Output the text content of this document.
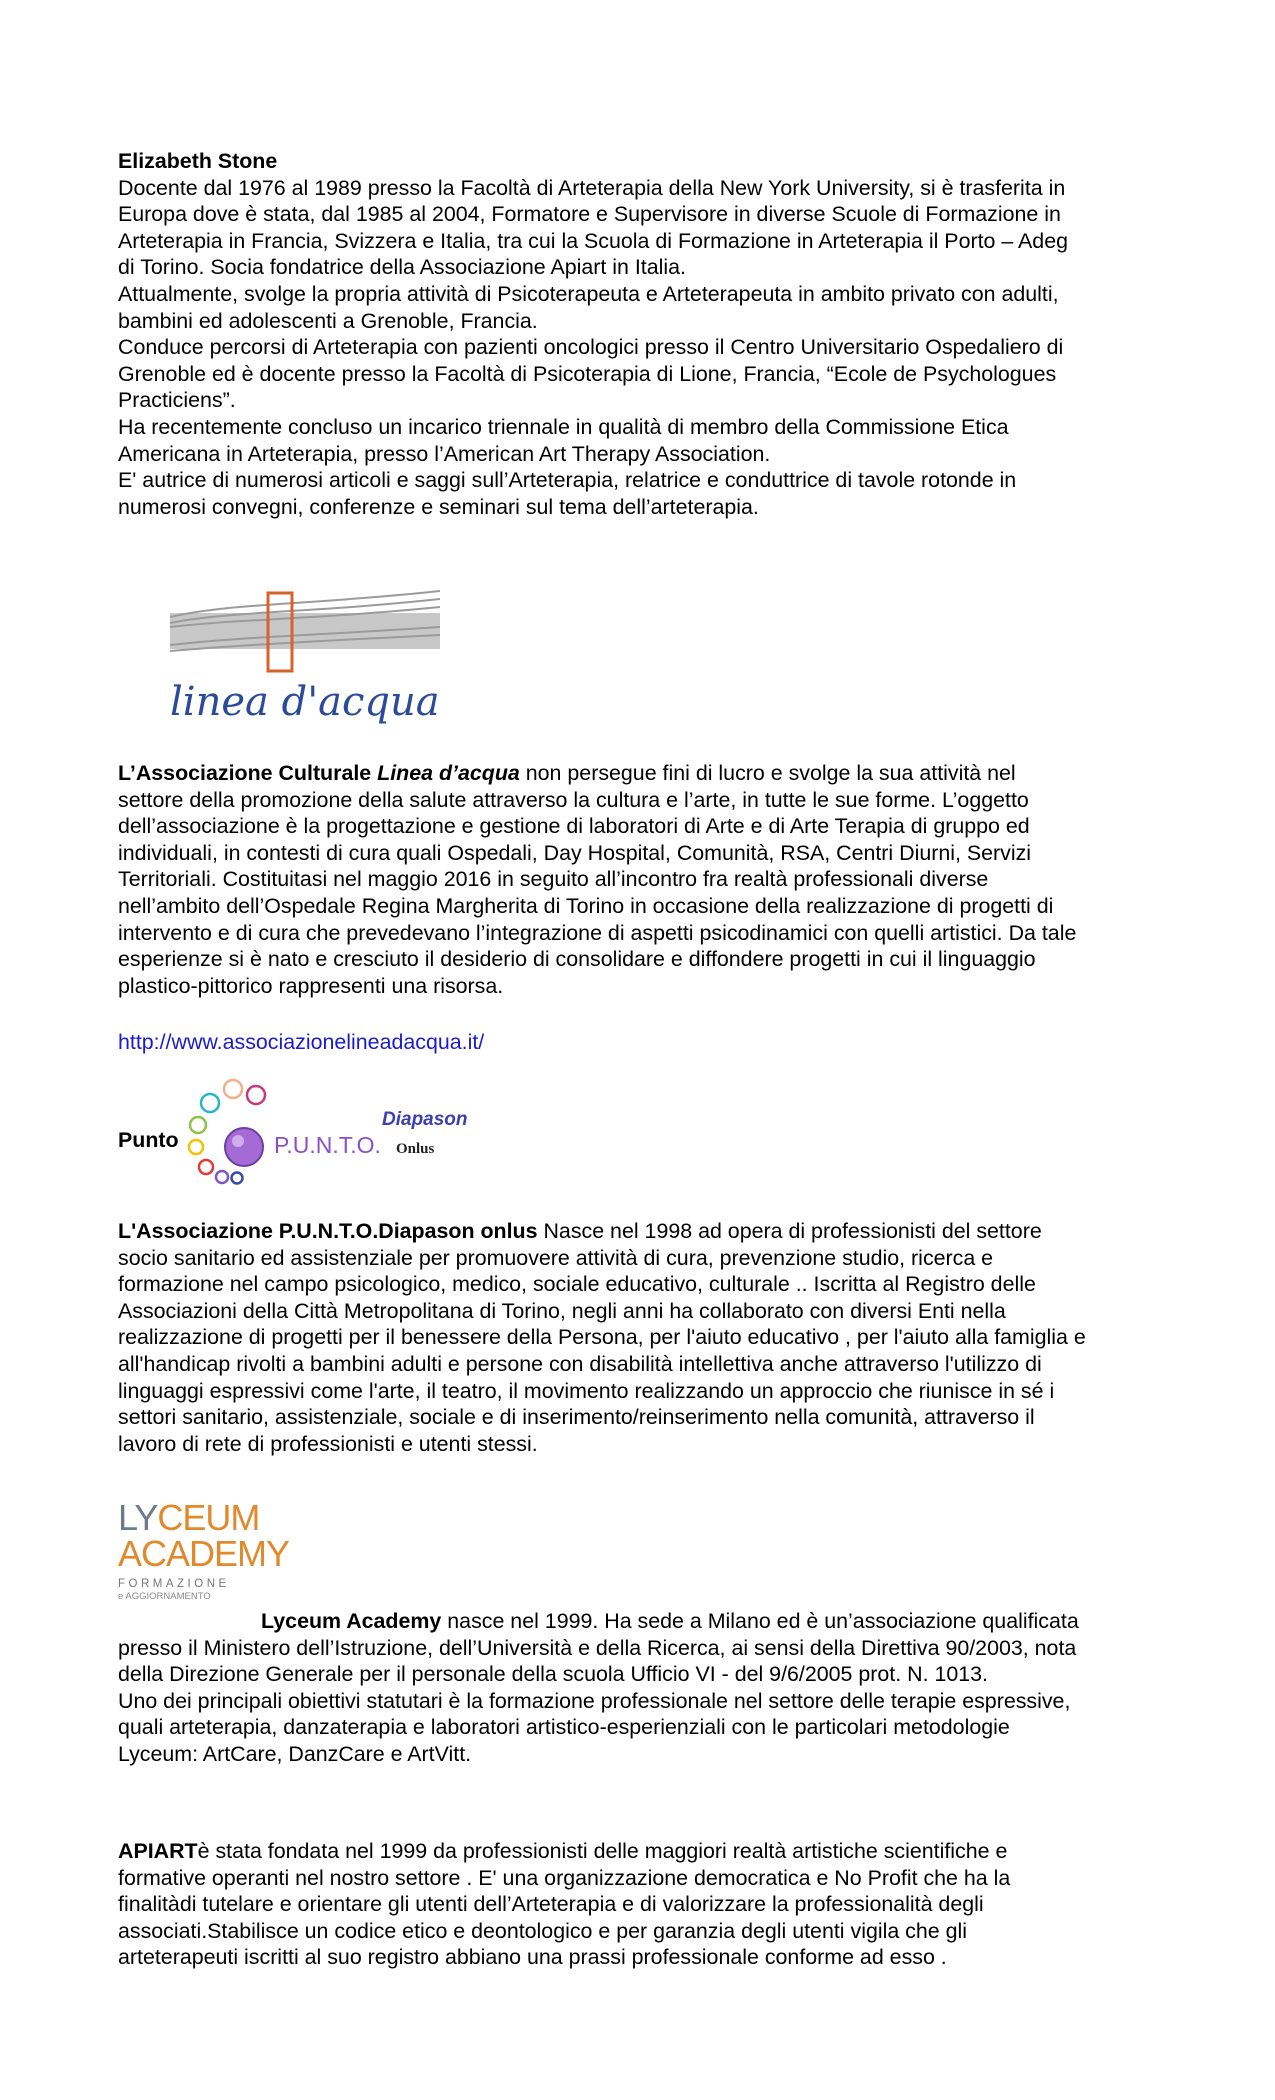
Elizabeth Stone

Docente dal 1976 al 1989 presso la Facoltà di Arteterapia della New York University, si è trasferita in

Europa dove è stata, dal 1985 al 2004, Formatore e Supervisore in diverse Scuole di Formazione in

Arteterapia in Francia, Svizzera e Italia, tra cui la Scuola di Formazione in Arteterapia il Porto – Adeg

di Torino. Socia fondatrice della Associazione Apiart in Italia.

Attualmente, svolge la propria attività di Psicoterapeuta e Arteterapeuta in ambito privato con adulti,

bambini ed adolescenti a Grenoble, Francia.

Conduce percorsi di Arteterapia con pazienti oncologici presso il Centro Universitario Ospedaliero di

Grenoble ed è docente presso la Facoltà di Psicoterapia di Lione, Francia, “Ecole de Psychologues

Practiciens”.

Ha recentemente concluso un incarico triennale in qualità di membro della Commissione Etica

Americana in Arteterapia, presso l’American Art Therapy Association.

E' autrice di numerosi articoli e saggi sull’Arteterapia, relatrice e conduttrice di tavole rotonde in

numerosi convegni, conferenze e seminari sul tema dell’arteterapia.

linea d'acqua

L’Associazione Culturale Linea d’acqua non persegue fini di lucro e svolge la sua attività nel

settore della promozione della salute attraverso la cultura e l’arte, in tutte le sue forme. L’oggetto

dell’associazione è la progettazione e gestione di laboratori di Arte e di Arte Terapia di gruppo ed

individuali, in contesti di cura quali Ospedali, Day Hospital, Comunità, RSA, Centri Diurni, Servizi

Territoriali. Costituitasi nel maggio 2016 in seguito all’incontro fra realtà professionali diverse

nell’ambito dell’Ospedale Regina Margherita di Torino in occasione della realizzazione di progetti di

intervento e di cura che prevedevano l’integrazione di aspetti psicodinamici con quelli artistici. Da tale

esperienze si è nato e cresciuto il desiderio di consolidare e diffondere progetti in cui il linguaggio

plastico-pittorico rappresenti una risorsa.

http://www.associazionelineadacqua.it/
Punto	P.U.N.T.O.
Diapason
Onlus

L'Associazione P.U.N.T.O.Diapason onlus Nasce nel 1998 ad opera di professionisti del settore

socio sanitario ed assistenziale per promuovere attività di cura, prevenzione studio, ricerca e

formazione nel campo psicologico, medico, sociale educativo, culturale .. Iscritta al Registro delle

Associazioni della Città Metropolitana di Torino, negli anni ha collaborato con diversi Enti nella

realizzazione di progetti per il benessere della Persona, per l'aiuto educativo , per l'aiuto alla famiglia e

all'handicap rivolti a bambini adulti e persone con disabilità intellettiva anche attraverso l'utilizzo di

linguaggi espressivi come l'arte, il teatro, il movimento realizzando un approccio che riunisce in sé i

settori sanitario, assistenziale, sociale e di inserimento/reinserimento nella comunità, attraverso il

lavoro di rete di professionisti e utenti stessi.

LYCEUM
ACADEMY
FORMAZIONE
e AGGIORNAMENTO

Lyceum Academy nasce nel 1999. Ha sede a Milano ed è un’associazione qualificata

presso il Ministero dell’Istruzione, dell’Università e della Ricerca, ai sensi della Direttiva 90/2003, nota

della Direzione Generale per il personale della scuola Ufficio VI - del 9/6/2005 prot. N. 1013.

Uno dei principali obiettivi statutari è la formazione professionale nel settore delle terapie espressive,

quali arteterapia, danzaterapia e laboratori artistico-esperienziali con le particolari metodologie

Lyceum: ArtCare, DanzCare e ArtVitt.

APIARTè stata fondata nel 1999 da professionisti delle maggiori realtà artistiche scientifiche e

formative operanti nel nostro settore . E' una organizzazione democratica e No Profit che ha la

finalitàdi tutelare e orientare gli utenti dell’Arteterapia e di valorizzare la professionalità degli

associati.Stabilisce un codice etico e deontologico e per garanzia degli utenti vigila che gli

arteterapeuti iscritti al suo registro abbiano una prassi professionale conforme ad esso .
